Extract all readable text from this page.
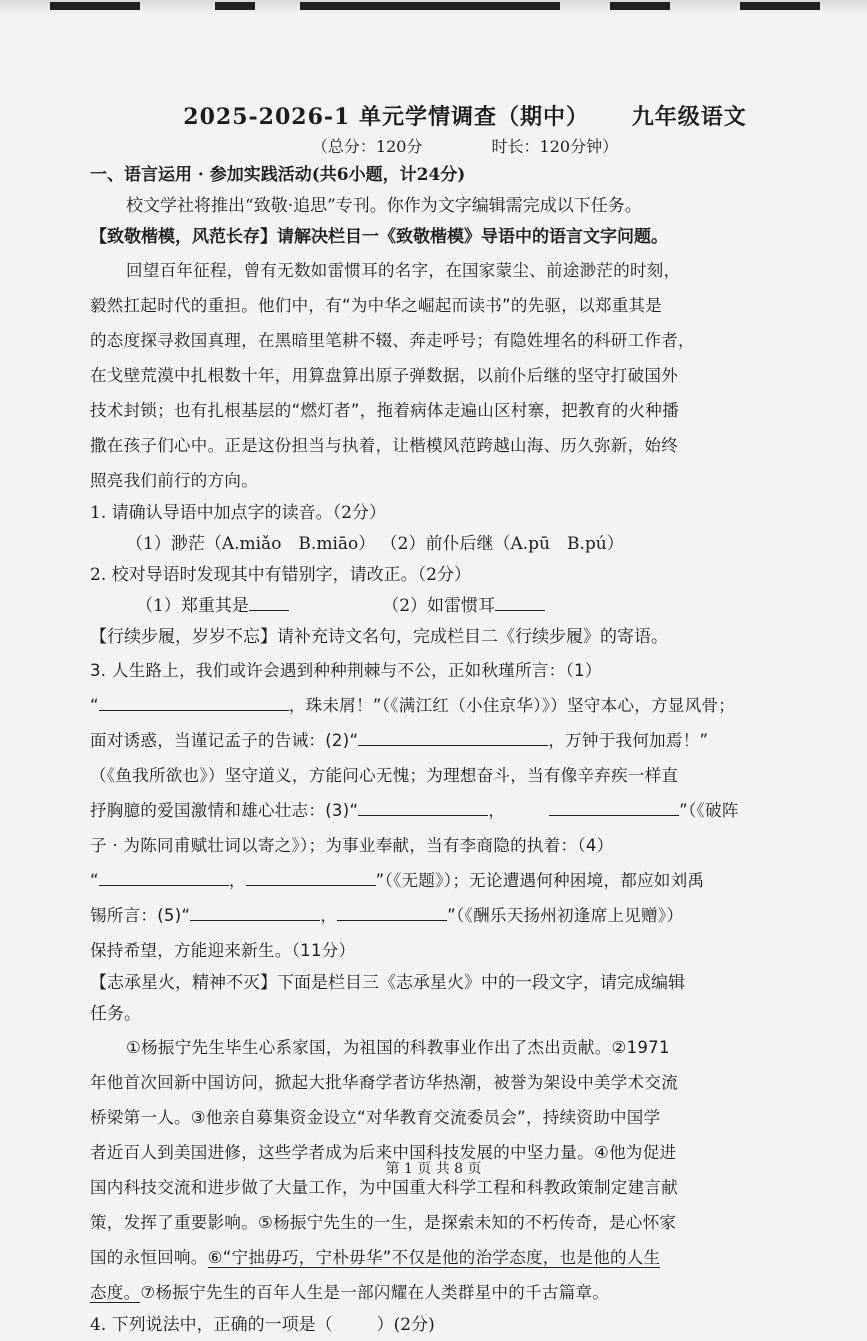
2025-2026-1 单元学情调查（期中） 九年级语文
（总分：120分	时长：120分钟）
一、语言运用 · 参加实践活动(共6小题，计24分)
校文学社将推出“致敬·追思”专刊。你作为文字编辑需完成以下任务。
【致敬楷模，风范长存】请解决栏目一《致敬楷模》导语中的语言文字问题。
回望百年征程，曾有无数如雷惯耳的名字，在国家蒙尘、前途渺茫的时刻，
毅然扛起时代的重担。他们中，有“为中华之崛起而读书”的先驱，以郑重其是
的态度探寻救国真理，在黑暗里笔耕不辍、奔走呼号；有隐姓埋名的科研工作者，
在戈壁荒漠中扎根数十年，用算盘算出原子弹数据，以前仆后继的坚守打破国外
技术封锁；也有扎根基层的“燃灯者”，拖着病体走遍山区村寨，把教育的火种播
撒在孩子们心中。正是这份担当与执着，让楷模风范跨越山海、历久弥新，始终
照亮我们前行的方向。
1. 请确认导语中加点字的读音。（2分）
（1）渺茫（A.miǎo　B.miāo） （2）前仆后继（A.pū　B.pú）
2. 校对导语时发现其中有错别字，请改正。（2分）
（1）郑重其是	（2）如雷惯耳
【行续步履，岁岁不忘】请补充诗文名句，完成栏目二《行续步履》的寄语。
3. 人生路上，我们或许会遇到种种荆棘与不公，正如秋瑾所言：（1）
“	，珠未屑！”（《满江红（小住京华）》）坚守本心，方显风骨；
面对诱惑，当谨记孟子的告诫：(2)“	，万钟于我何加焉！”
（《鱼我所欲也》）坚守道义，方能问心无愧；为理想奋斗，当有像辛弃疾一样直
抒胸臆的爱国激情和雄心壮志：(3)“	，	”（《破阵
子 · 为陈同甫赋壮词以寄之》）；为事业奉献，当有李商隐的执着：（4）
“	，	”（《无题》）；无论遭遇何种困境，都应如刘禹
锡所言：(5)“	，	”（《酬乐天扬州初逢席上见赠》）
保持希望，方能迎来新生。（11分）
【志承星火，精神不灭】下面是栏目三《志承星火》中的一段文字，请完成编辑
任务。
①杨振宁先生毕生心系家国，为祖国的科教事业作出了杰出贡献。②1971
年他首次回新中国访问，掀起大批华裔学者访华热潮，被誉为架设中美学术交流
桥梁第一人。③他亲自募集资金设立“对华教育交流委员会”，持续资助中国学
者近百人到美国进修，这些学者成为后来中国科技发展的中坚力量。④他为促进
国内科技交流和进步做了大量工作，为中国重大科学工程和科教政策制定建言献
策，发挥了重要影响。⑤杨振宁先生的一生，是探索未知的不朽传奇，是心怀家
国的永恒回响。⑥“宁拙毋巧，宁朴毋华”不仅是他的治学态度，也是他的人生
态度。⑦杨振宁先生的百年人生是一部闪耀在人类群星中的千古篇章。
4. 下列说法中，正确的一项是（	）(2分)
第 1 页 共 8 页
